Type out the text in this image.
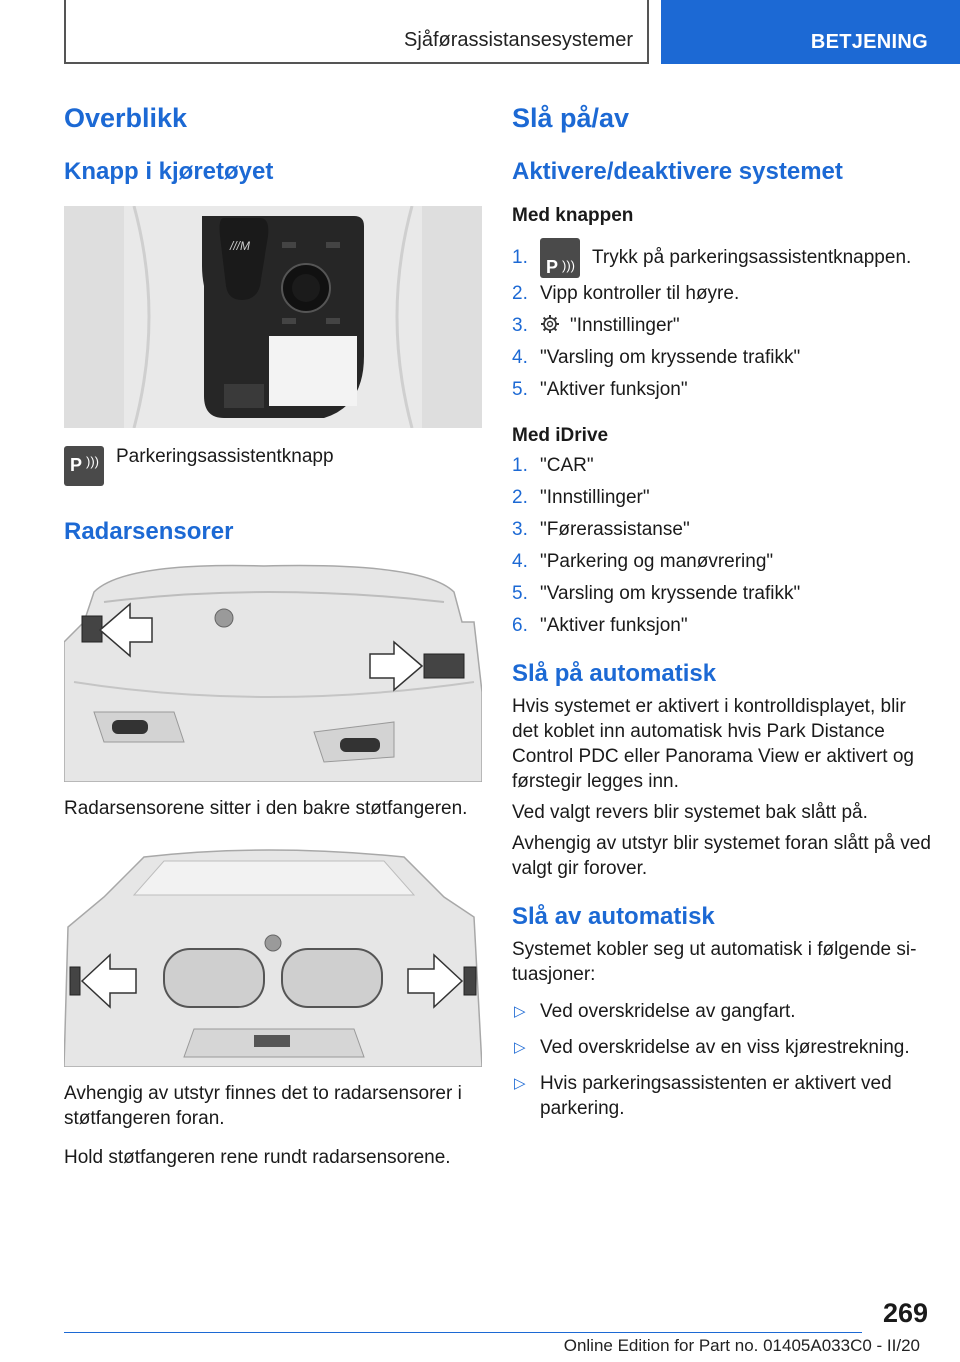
Sjåførassistansesystemer	BETJENING
Overblikk
Knapp i kjøretøyet
///M
P ))) Parkeringsassistentknapp
Radarsensorer

Radarsensorene sitter i den bakre støtfangeren.

Avhengig av utstyr finnes det to radarsensorer i støtfangeren foran.

Hold støtfangeren rene rundt radarsensorene.

Slå på/av
Aktivere/deaktivere systemet
Med knappen
1. P ))) Trykk på parkeringsassistentknappen.
2. Vipp kontroller til høyre.
3. "Innstillinger"
4. "Varsling om kryssende trafikk"
5. "Aktiver funksjon"
Med iDrive
1. "CAR"
2. "Innstillinger"
3. "Førerassistanse"
4. "Parkering og manøvrering"
5. "Varsling om kryssende trafikk"
6. "Aktiver funksjon"
Slå på automatisk

Hvis systemet er aktivert i kontrolldisplayet, blir det koblet inn automatisk hvis Park Distance Control PDC eller Panorama View er aktivert og førstegir legges inn.

Ved valgt revers blir systemet bak slått på.

Avhengig av utstyr blir systemet foran slått på ved valgt gir forover.

Slå av automatisk

Systemet kobler seg ut automatisk i følgende si‐tuasjoner:

▷ Ved overskridelse av gangfart.
▷ Ved overskridelse av en viss kjørestrekning.
▷ Hvis parkeringsassistenten er aktivert ved parkering.
269
Online Edition for Part no. 01405A033C0 - II/20
